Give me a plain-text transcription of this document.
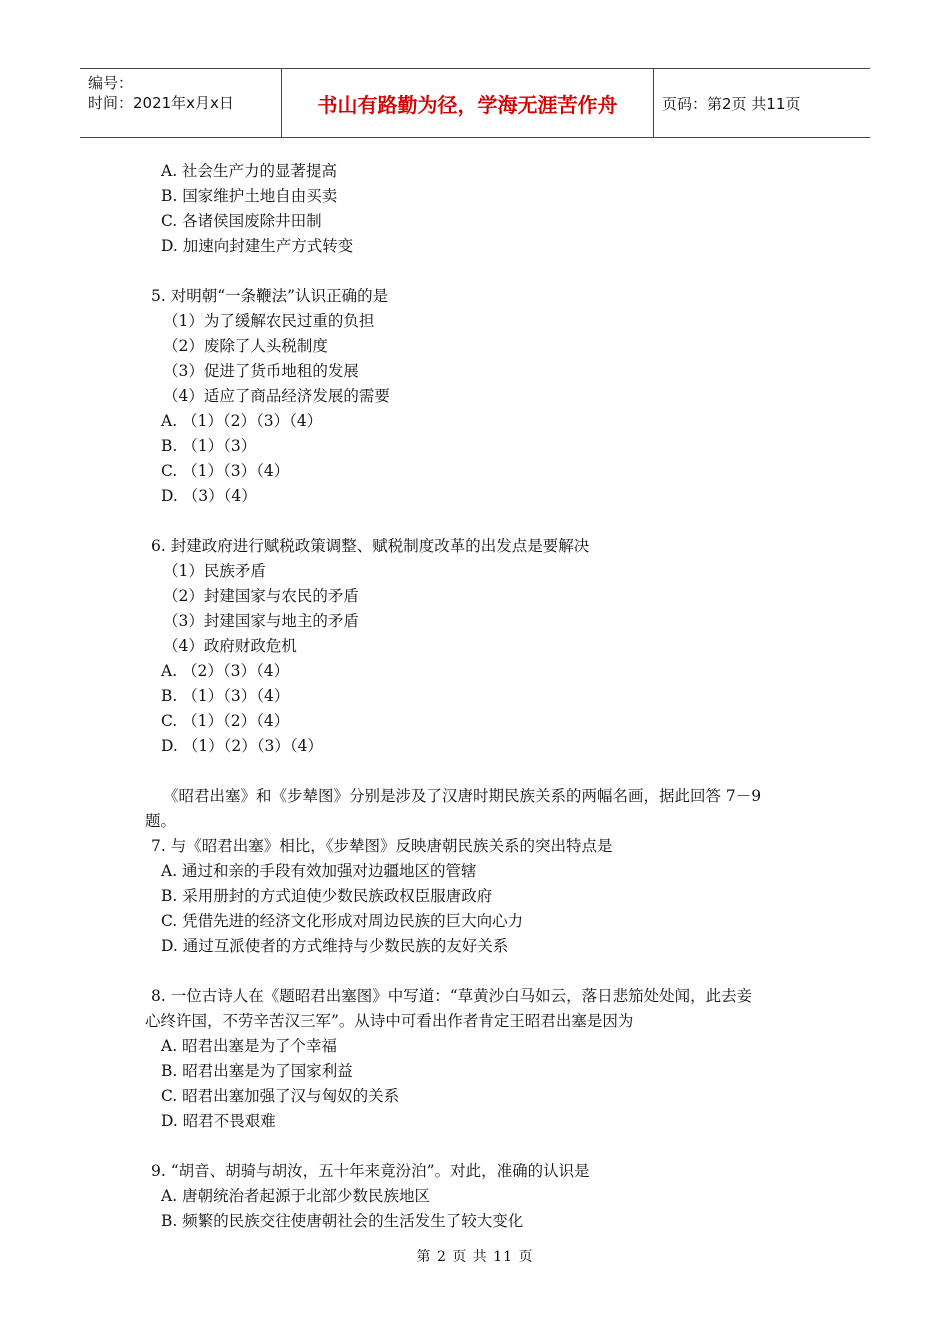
编号：
时间：2021年x月x日	书山有路勤为径，学海无涯苦作舟	页码：第2页 共11页
A. 社会生产力的显著提高
B. 国家维护土地自由买卖
C. 各诸侯国废除井田制
D. 加速向封建生产方式转变
5. 对明朝“一条鞭法”认识正确的是
（1）为了缓解农民过重的负担
（2）废除了人头税制度
（3）促进了货币地租的发展
（4）适应了商品经济发展的需要
A. （1）（2）（3）（4）
B. （1）（3）
C. （1）（3）（4）
D. （3）（4）
6. 封建政府进行赋税政策调整、赋税制度改革的出发点是要解决
（1）民族矛盾
（2）封建国家与农民的矛盾
（3）封建国家与地主的矛盾
（4）政府财政危机
A. （2）（3）（4）
B. （1）（3）（4）
C. （1）（2）（4）
D. （1）（2）（3）（4）
《昭君出塞》和《步辇图》分别是涉及了汉唐时期民族关系的两幅名画，据此回答 7－9
题。
7. 与《昭君出塞》相比，《步辇图》反映唐朝民族关系的突出特点是
A. 通过和亲的手段有效加强对边疆地区的管辖
B. 采用册封的方式迫使少数民族政权臣服唐政府
C. 凭借先进的经济文化形成对周边民族的巨大向心力
D. 通过互派使者的方式维持与少数民族的友好关系
8. 一位古诗人在《题昭君出塞图》中写道：“草黄沙白马如云，落日悲笳处处闻，此去妾
心终许国，不劳辛苦汉三军”。从诗中可看出作者肯定王昭君出塞是因为
A. 昭君出塞是为了个幸福
B. 昭君出塞是为了国家利益
C. 昭君出塞加强了汉与匈奴的关系
D. 昭君不畏艰难
9. “胡音、胡骑与胡汝，五十年来竟汾泊”。对此，准确的认识是
A. 唐朝统治者起源于北部少数民族地区
B. 频繁的民族交往使唐朝社会的生活发生了较大变化
第 2 页 共 11 页
